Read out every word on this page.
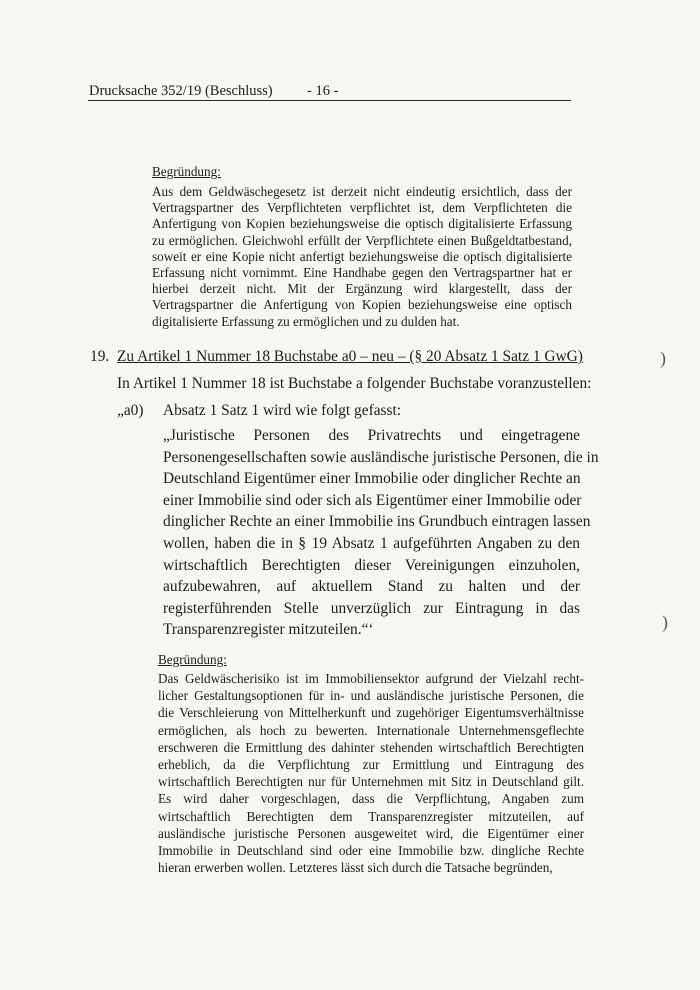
Drucksache 352/19 (Beschluss) - 16 -
Begründung:
Aus dem Geldwäschegesetz ist derzeit nicht eindeutig ersichtlich, dass der
Vertragspartner des Verpflichteten verpflichtet ist, dem Verpflichteten die
Anfertigung von Kopien beziehungsweise die optisch digitalisierte Erfassung
zu ermöglichen. Gleichwohl erfüllt der Verpflichtete einen Bußgeldtatbestand,
soweit er eine Kopie nicht anfertigt beziehungsweise die optisch digitalisierte
Erfassung nicht vornimmt. Eine Handhabe gegen den Vertragspartner hat er
hierbei derzeit nicht. Mit der Ergänzung wird klargestellt, dass der
Vertragspartner die Anfertigung von Kopien beziehungsweise eine optisch
digitalisierte Erfassung zu ermöglichen und zu dulden hat.
19. Zu Artikel 1 Nummer 18 Buchstabe a0 – neu – (§ 20 Absatz 1 Satz 1 GwG)
In Artikel 1 Nummer 18 ist Buchstabe a folgender Buchstabe voranzustellen:
„a0) Absatz 1 Satz 1 wird wie folgt gefasst:
„Juristische Personen des Privatrechts und eingetragene
Personengesellschaften sowie ausländische juristische Personen, die in
Deutschland Eigentümer einer Immobilie oder dinglicher Rechte an
einer Immobilie sind oder sich als Eigentümer einer Immobilie oder
dinglicher Rechte an einer Immobilie ins Grundbuch eintragen lassen
wollen, haben die in § 19 Absatz 1 aufgeführten Angaben zu den
wirtschaftlich Berechtigten dieser Vereinigungen einzuholen,
aufzubewahren, auf aktuellem Stand zu halten und der
registerführenden Stelle unverzüglich zur Eintragung in das
Transparenzregister mitzuteilen.“‘
Begründung:
Das Geldwäscherisiko ist im Immobiliensektor aufgrund der Vielzahl recht-
licher Gestaltungsoptionen für in- und ausländische juristische Personen, die
die Verschleierung von Mittelherkunft und zugehöriger Eigentumsverhältnisse
ermöglichen, als hoch zu bewerten. Internationale Unternehmensgeflechte
erschweren die Ermittlung des dahinter stehenden wirtschaftlich Berechtigten
erheblich, da die Verpflichtung zur Ermittlung und Eintragung des
wirtschaftlich Berechtigten nur für Unternehmen mit Sitz in Deutschland gilt.
Es wird daher vorgeschlagen, dass die Verpflichtung, Angaben zum
wirtschaftlich Berechtigten dem Transparenzregister mitzuteilen, auf
ausländische juristische Personen ausgeweitet wird, die Eigentümer einer
Immobilie in Deutschland sind oder eine Immobilie bzw. dingliche Rechte
hieran erwerben wollen. Letzteres lässt sich durch die Tatsache begründen,
)
)
